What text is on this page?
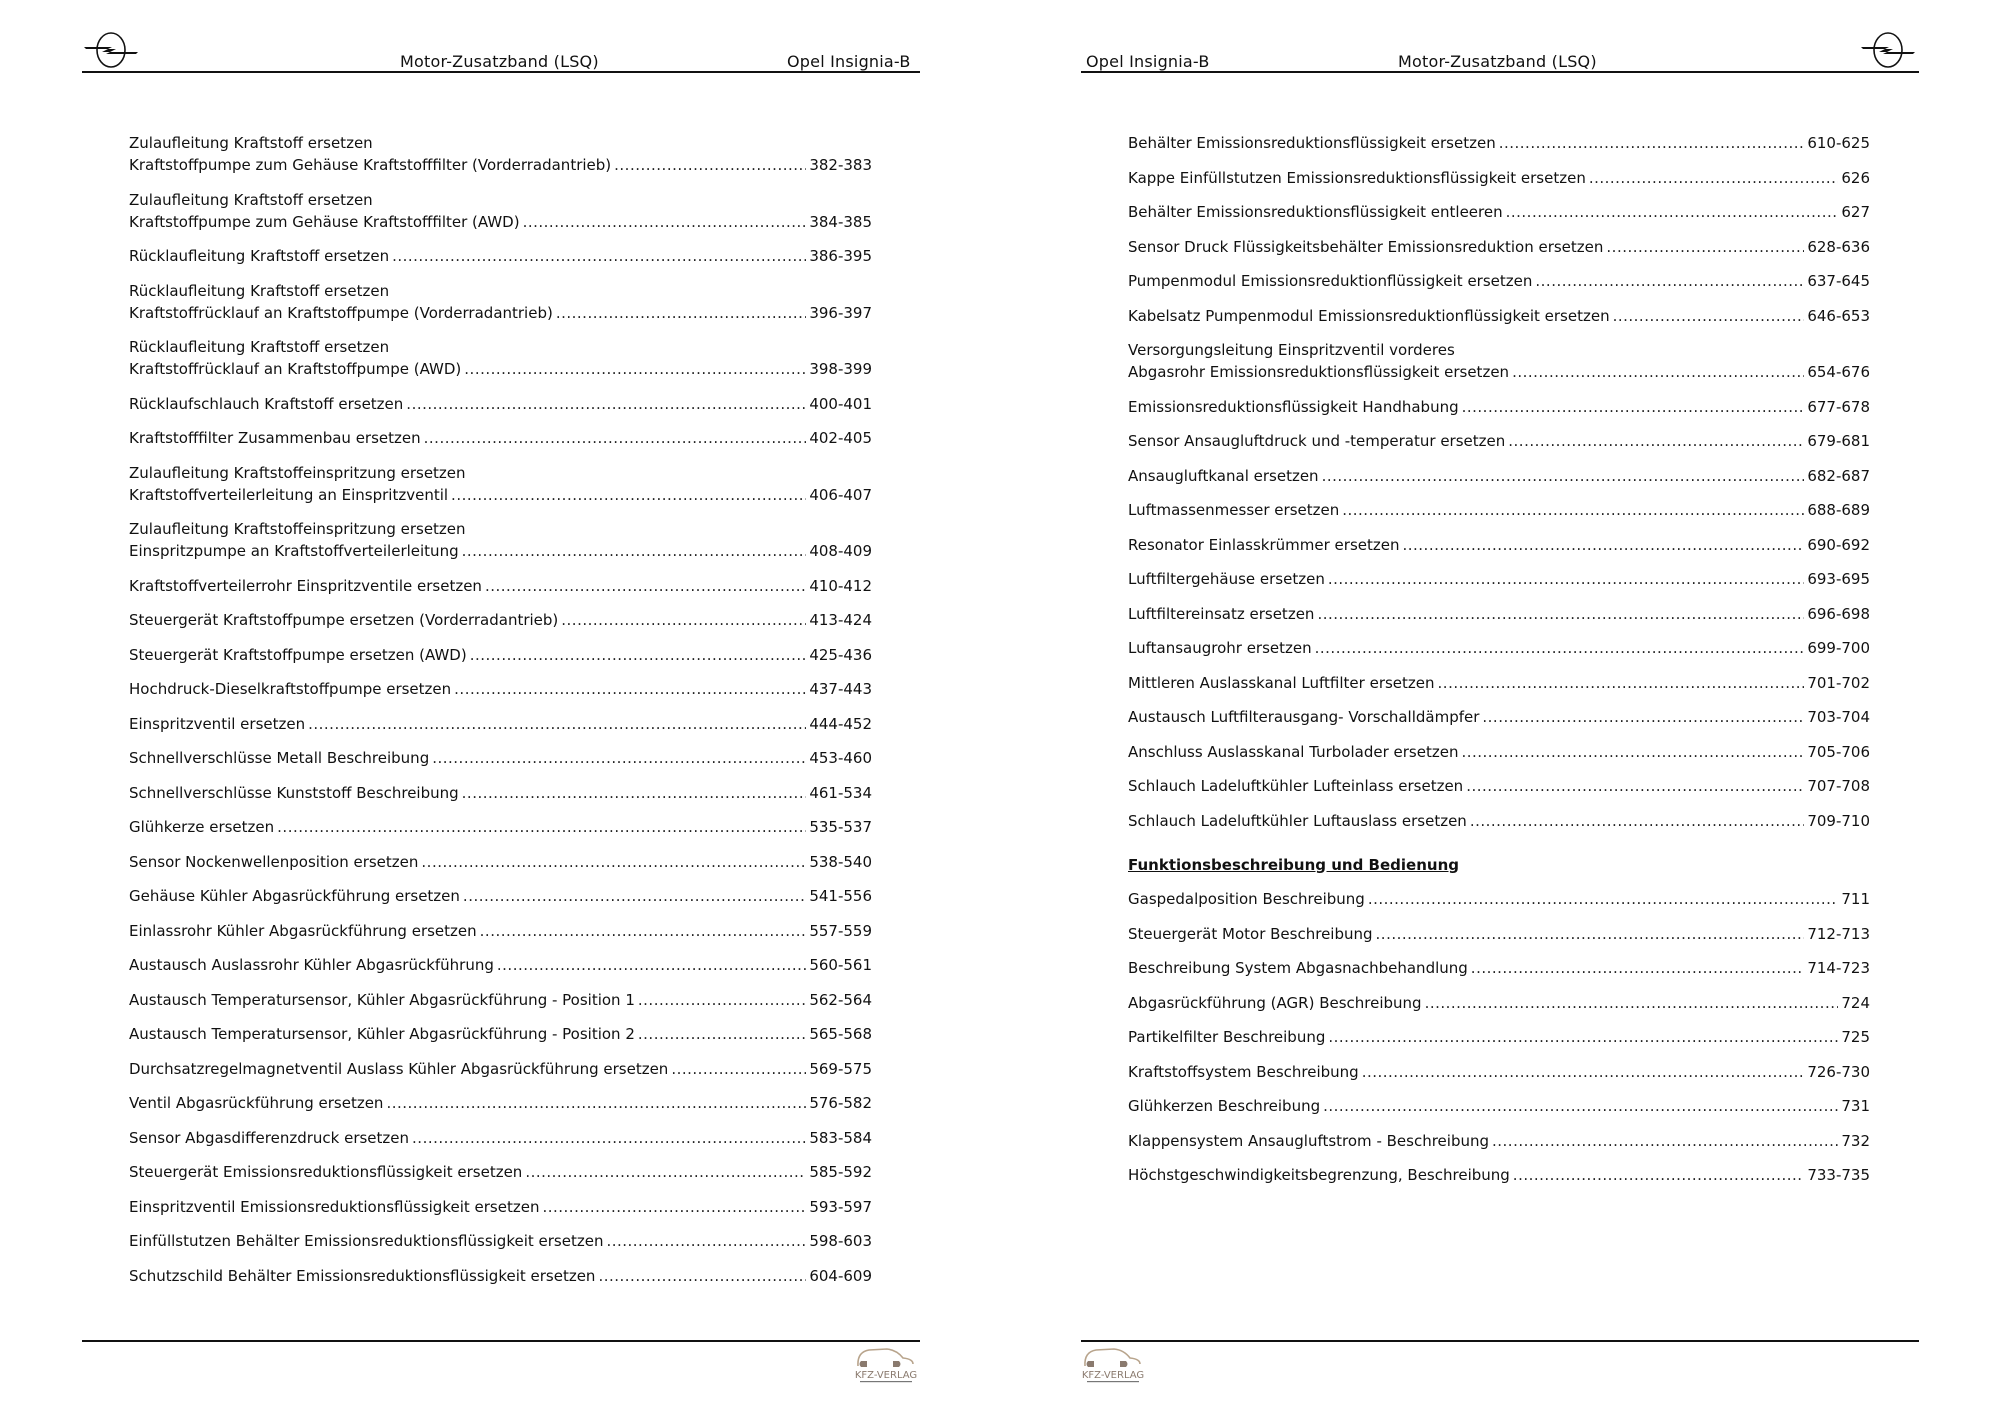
Motor-Zusatzband (LSQ)	Opel Insignia-B
Zulaufleitung Kraftstoff ersetzen
Kraftstoffpumpe zum Gehäuse Kraftstofffilter (Vorderradantrieb) .....	382-383
Zulaufleitung Kraftstoff ersetzen
Kraftstoffpumpe zum Gehäuse Kraftstofffilter (AWD) .....	384-385
Rücklaufleitung Kraftstoff ersetzen .....	386-395
Rücklaufleitung Kraftstoff ersetzen
Kraftstoffrücklauf an Kraftstoffpumpe (Vorderradantrieb) .....	396-397
Rücklaufleitung Kraftstoff ersetzen
Kraftstoffrücklauf an Kraftstoffpumpe (AWD) .....	398-399
Rücklaufschlauch Kraftstoff ersetzen .....	400-401
Kraftstofffilter Zusammenbau ersetzen .....	402-405
Zulaufleitung Kraftstoffeinspritzung ersetzen
Kraftstoffverteilerleitung an Einspritzventil .....	406-407
Zulaufleitung Kraftstoffeinspritzung ersetzen
Einspritzpumpe an Kraftstoffverteilerleitung .....	408-409
Kraftstoffverteilerrohr Einspritzventile ersetzen .....	410-412
Steuergerät Kraftstoffpumpe ersetzen (Vorderradantrieb) .....	413-424
Steuergerät Kraftstoffpumpe ersetzen (AWD) .....	425-436
Hochdruck-Dieselkraftstoffpumpe ersetzen .....	437-443
Einspritzventil ersetzen .....	444-452
Schnellverschlüsse Metall Beschreibung .....	453-460
Schnellverschlüsse Kunststoff Beschreibung .....	461-534
Glühkerze ersetzen .....	535-537
Sensor Nockenwellenposition ersetzen .....	538-540
Gehäuse Kühler Abgasrückführung ersetzen .....	541-556
Einlassrohr Kühler Abgasrückführung ersetzen .....	557-559
Austausch Auslassrohr Kühler Abgasrückführung .....	560-561
Austausch Temperatursensor, Kühler Abgasrückführung - Position 1 .....	562-564
Austausch Temperatursensor, Kühler Abgasrückführung - Position 2 .....	565-568
Durchsatzregelmagnetventil Auslass Kühler Abgasrückführung ersetzen .....	569-575
Ventil Abgasrückführung ersetzen .....	576-582
Sensor Abgasdifferenzdruck ersetzen .....	583-584
Steuergerät Emissionsreduktionsflüssigkeit ersetzen .....	585-592
Einspritzventil Emissionsreduktionsflüssigkeit ersetzen .....	593-597
Einfüllstutzen Behälter Emissionsreduktionsflüssigkeit ersetzen .....	598-603
Schutzschild Behälter Emissionsreduktionsflüssigkeit ersetzen .....	604-609
KFZ-VERLAG
Opel Insignia-B	Motor-Zusatzband (LSQ)
Behälter Emissionsreduktionsflüssigkeit ersetzen .....	610-625
Kappe Einfüllstutzen Emissionsreduktionsflüssigkeit ersetzen .....	626
Behälter Emissionsreduktionsflüssigkeit entleeren .....	627
Sensor Druck Flüssigkeitsbehälter Emissionsreduktion ersetzen .....	628-636
Pumpenmodul Emissionsreduktionflüssigkeit ersetzen .....	637-645
Kabelsatz Pumpenmodul Emissionsreduktionflüssigkeit ersetzen .....	646-653
Versorgungsleitung Einspritzventil vorderes
Abgasrohr Emissionsreduktionsflüssigkeit ersetzen .....	654-676
Emissionsreduktionsflüssigkeit Handhabung .....	677-678
Sensor Ansaugluftdruck und -temperatur ersetzen .....	679-681
Ansaugluftkanal ersetzen .....	682-687
Luftmassenmesser ersetzen .....	688-689
Resonator Einlasskrümmer ersetzen .....	690-692
Luftfiltergehäuse ersetzen .....	693-695
Luftfiltereinsatz ersetzen .....	696-698
Luftansaugrohr ersetzen .....	699-700
Mittleren Auslasskanal Luftfilter ersetzen .....	701-702
Austausch Luftfilterausgang- Vorschalldämpfer .....	703-704
Anschluss Auslasskanal Turbolader ersetzen .....	705-706
Schlauch Ladeluftkühler Lufteinlass ersetzen .....	707-708
Schlauch Ladeluftkühler Luftauslass ersetzen .....	709-710
Funktionsbeschreibung und Bedienung
Gaspedalposition Beschreibung .....	711
Steuergerät Motor Beschreibung .....	712-713
Beschreibung System Abgasnachbehandlung .....	714-723
Abgasrückführung (AGR) Beschreibung .....	724
Partikelfilter Beschreibung .....	725
Kraftstoffsystem Beschreibung .....	726-730
Glühkerzen Beschreibung .....	731
Klappensystem Ansaugluftstrom - Beschreibung .....	732
Höchstgeschwindigkeitsbegrenzung, Beschreibung .....	733-735
KFZ-VERLAG
